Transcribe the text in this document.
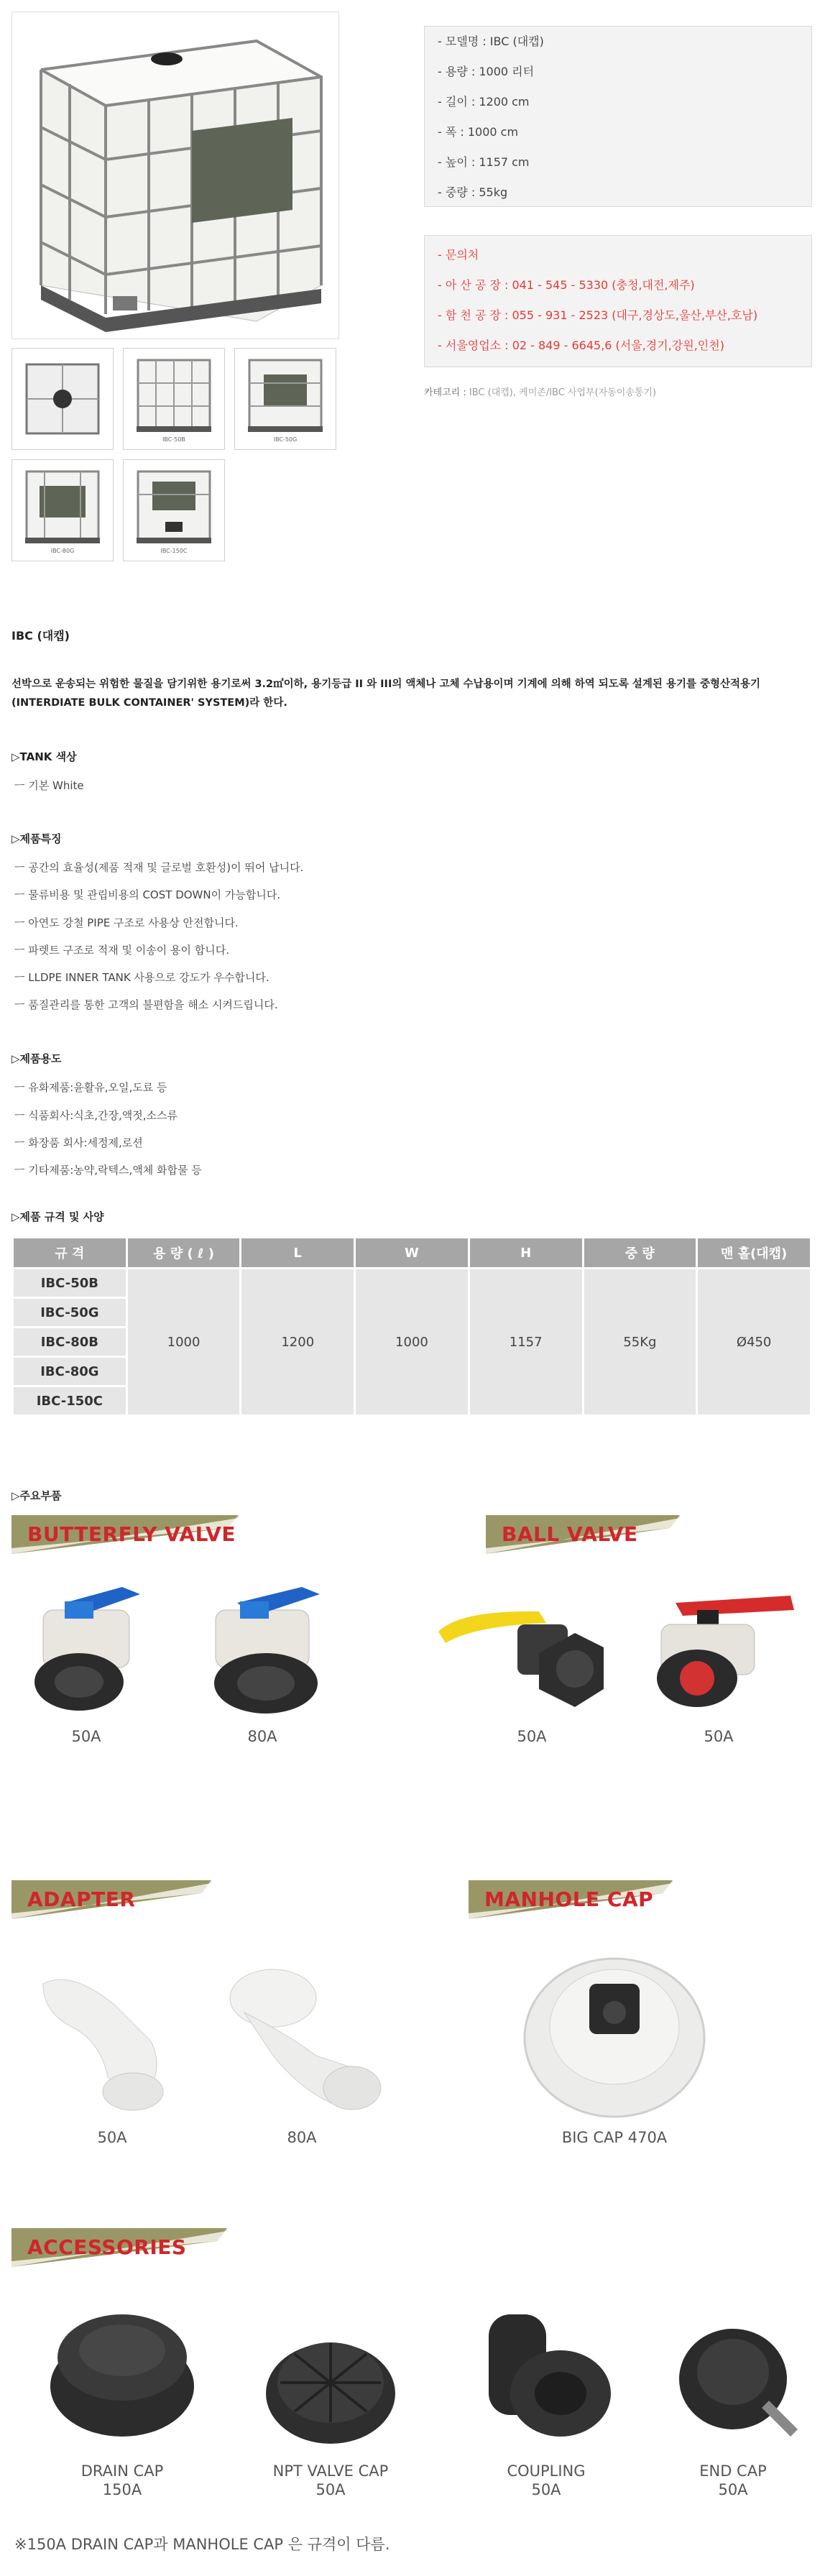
IBC-50B	IBC-50G
IBC-80G	IBC-150C
- 모델명 : IBC (대캡)
- 용량 : 1000 리터
- 길이 : 1200 cm
- 폭 : 1000 cm
- 높이 : 1157 cm
- 중량 : 55kg
- 문의처
- 아 산 공 장 : 041 - 545 - 5330 (충청,대전,제주)
- 함 천 공 장 : 055 - 931 - 2523 (대구,경상도,울산,부산,호남)
- 서울영업소 : 02 - 849 - 6645,6 (서울,경기,강원,인천)
카테고리 : IBC (대캡), 케미존/IBC 사업부(자동이송통기)
IBC (대캡)
선박으로 운송되는 위험한 물질을 담기위한 용기로써 3.2㎥이하, 용기등급 II 와 III의 액체나 고체 수납용이며 기계에 의해 하역 되도록 설계된 용기를 중형산적용기
(INTERDIATE BULK CONTAINER' SYSTEM)라 한다.
▷TANK 색상
ㅡ 기본 White
▷제품특징
ㅡ 공간의 효율성(제품 적재 및 글로벌 호환성)이 뛰어 납니다.
ㅡ 물류비용 및 관립비용의 COST DOWN이 가능합니다.
ㅡ 아연도 강철 PIPE 구조로 사용상 안전합니다.
ㅡ 파렛트 구조로 적재 및 이송이 용이 합니다.
ㅡ LLDPE INNER TANK 사용으로 강도가 우수합니다.
ㅡ 품질관리를 통한 고객의 불편함을 해소 시켜드립니다.
▷제품용도
ㅡ 유화제품:윤활유,오일,도료 등
ㅡ 식품회사:식초,간장,액젓,소스류
ㅡ 화장품 회사:세정제,로션
ㅡ 기타제품:농약,락텍스,액체 화합물 등
▷제품 규격 및 사양
규 격	용 량 ( ℓ )	L	W	H	중 량	맨 홀(대캡)
IBC-50B	1000	1200	1000	1157	55Kg	Ø450
IBC-50G						
IBC-80B						
IBC-80G						
IBC-150C						
▷주요부품
BUTTERFLY VALVE	BALL VALVE
50A	80A	50A	50A
ADAPTER	MANHOLE CAP
50A	80A	BIG CAP 470A
ACCESSORIES
DRAIN CAP
150A
NPT VALVE CAP
50A
COUPLING
50A
END CAP
50A
※150A DRAIN CAP과 MANHOLE CAP 은 규격이 다름.
